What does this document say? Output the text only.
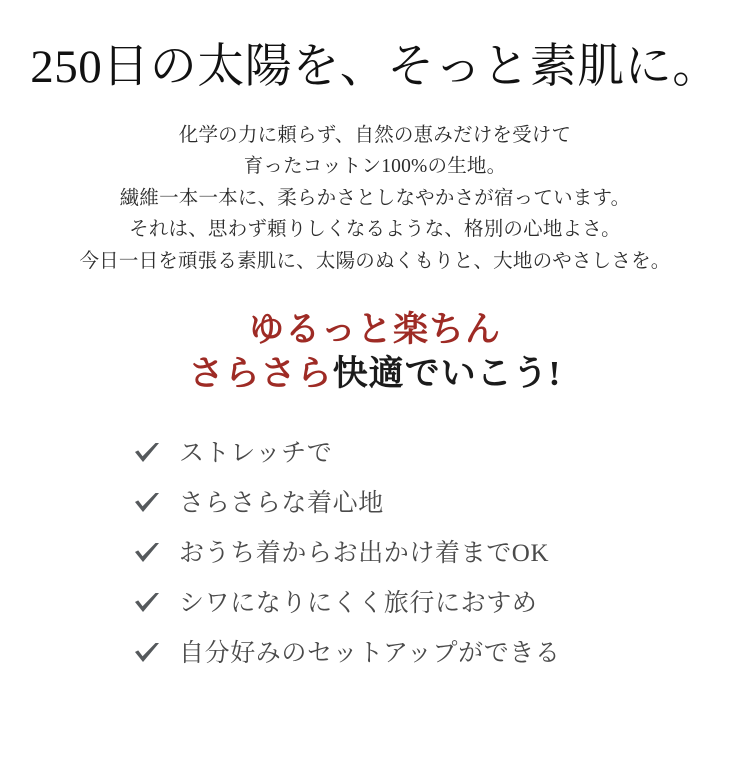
250日の太陽を、そっと素肌に。
化学の力に頼らず、自然の恵みだけを受けて
育ったコットン100%の生地。
繊維一本一本に、柔らかさとしなやかさが宿っています。
それは、思わず頼りしくなるような、格別の心地よさ。
今日一日を頑張る素肌に、太陽のぬくもりと、大地のやさしさを。
ゆるっと楽ちん
さらさら快適でいこう!
ストレッチで
さらさらな着心地
おうち着からお出かけ着までOK
シワになりにくく旅行におすめ
自分好みのセットアップができる
